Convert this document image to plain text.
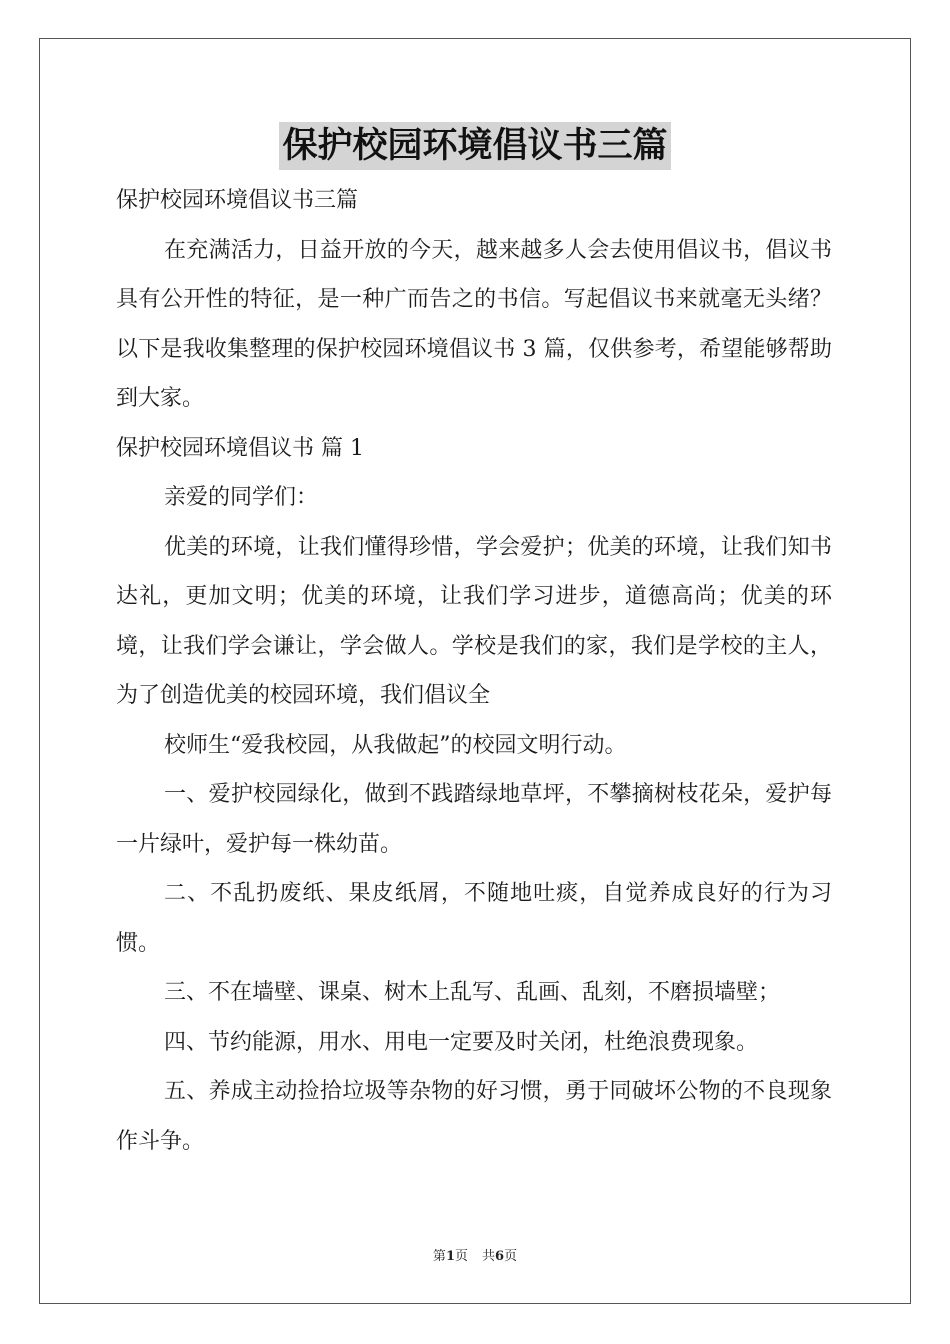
保护校园环境倡议书三篇

保护校园环境倡议书三篇

在充满活力，日益开放的今天，越来越多人会去使用倡议书，倡议书具有公开性的特征，是一种广而告之的书信。写起倡议书来就毫无头绪？以下是我收集整理的保护校园环境倡议书 3 篇，仅供参考，希望能够帮助到大家。

保护校园环境倡议书 篇 1

亲爱的同学们：

优美的环境，让我们懂得珍惜，学会爱护；优美的环境，让我们知书达礼，更加文明；优美的环境，让我们学习进步，道德高尚；优美的环境，让我们学会谦让，学会做人。学校是我们的家，我们是学校的主人，为了创造优美的校园环境，我们倡议全

校师生“爱我校园，从我做起”的校园文明行动。

一、爱护校园绿化，做到不践踏绿地草坪，不攀摘树枝花朵，爱护每一片绿叶，爱护每一株幼苗。

二、不乱扔废纸、果皮纸屑，不随地吐痰，自觉养成良好的行为习惯。

三、不在墙壁、课桌、树木上乱写、乱画、乱刻，不磨损墙壁；

四、节约能源，用水、用电一定要及时关闭，杜绝浪费现象。

五、养成主动捡拾垃圾等杂物的好习惯，勇于同破坏公物的不良现象作斗争。

第1页 共6页
